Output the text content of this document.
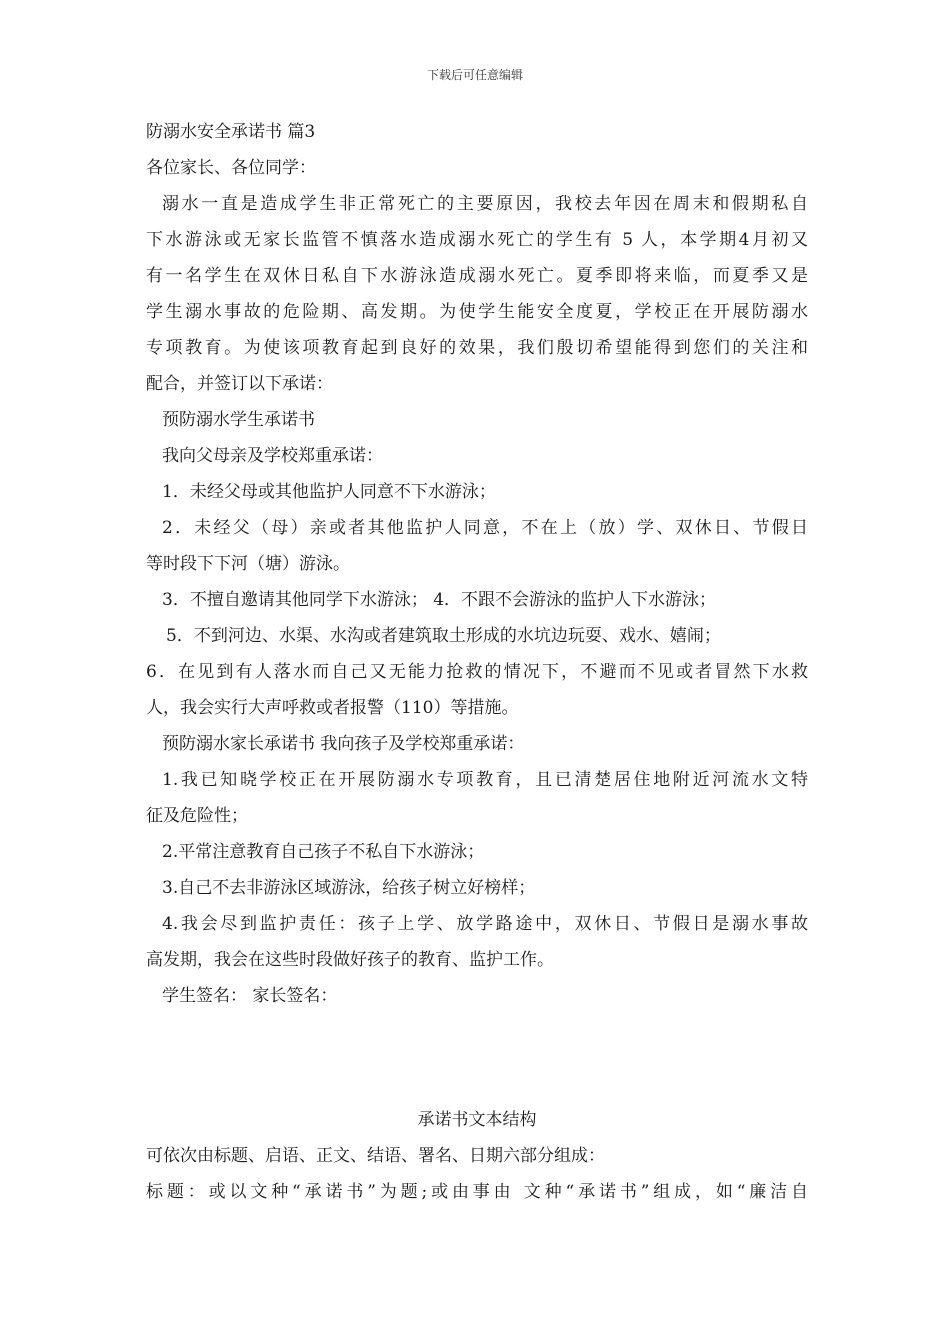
下载后可任意编辑
防溺水安全承诺书 篇3
各位家长、各位同学：
溺水一直是造成学生非正常死亡的主要原因，我校去年因在周末和假期私自
下水游泳或无家长监管不慎落水造成溺水死亡的学生有 5 人，本学期4月初又
有一名学生在双休日私自下水游泳造成溺水死亡。夏季即将来临，而夏季又是
学生溺水事故的危险期、高发期。为使学生能安全度夏，学校正在开展防溺水
专项教育。为使该项教育起到良好的效果，我们殷切希望能得到您们的关注和
配合，并签订以下承诺：
预防溺水学生承诺书
我向父母亲及学校郑重承诺：
1．未经父母或其他监护人同意不下水游泳；
2．未经父（母）亲或者其他监护人同意，不在上（放）学、双休日、节假日
等时段下下河（塘）游泳。
3．不擅自邀请其他同学下水游泳； 4．不跟不会游泳的监护人下水游泳；
5．不到河边、水渠、水沟或者建筑取土形成的水坑边玩耍、戏水、嬉闹；
6．在见到有人落水而自己又无能力抢救的情况下，不避而不见或者冒然下水救
人，我会实行大声呼救或者报警（110）等措施。
预防溺水家长承诺书 我向孩子及学校郑重承诺：
1.我已知晓学校正在开展防溺水专项教育，且已清楚居住地附近河流水文特
征及危险性；
2.平常注意教育自己孩子不私自下水游泳；
3.自己不去非游泳区域游泳，给孩子树立好榜样；
4.我会尽到监护责任：孩子上学、放学路途中，双休日、节假日是溺水事故
高发期，我会在这些时段做好孩子的教育、监护工作。
学生签名： 家长签名：
承诺书文本结构
可依次由标题、启语、正文、结语、署名、日期六部分组成：
标题：或以文种“承诺书”为题;或由事由 文种“承诺书”组成，如“廉洁自
